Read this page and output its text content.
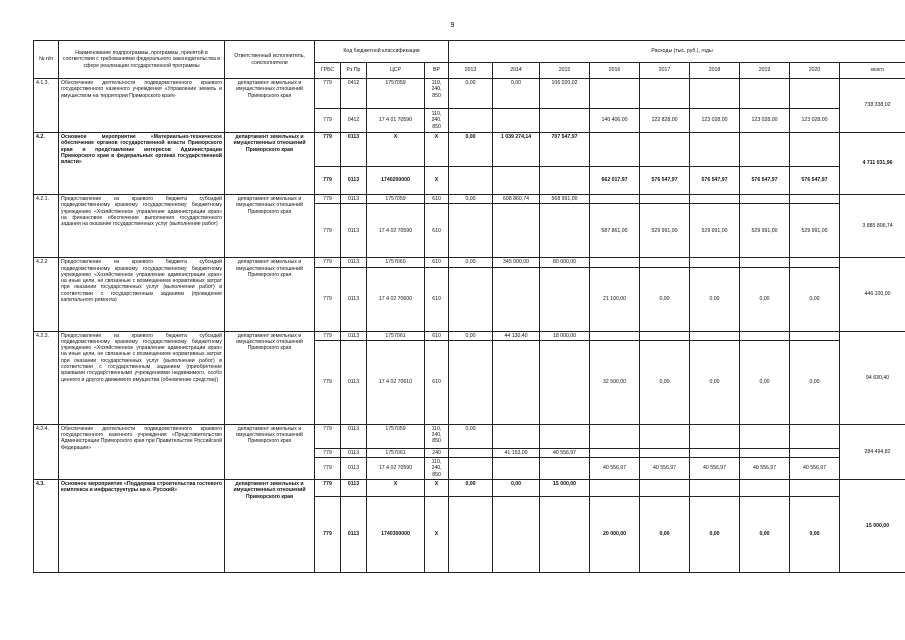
9
№ п/п	Наименование подпрограммы, программы, принятой в соответствии с требованиями федерального законодательства в сфере реализации государственной программы	Ответственный исполнитель, соисполнители	Код бюджетной классификации				Расходы (тыс. руб.), годы								
			ГРБС	Рз Пр	ЦСР	ВР	2013	2014	2015	2016	2017	2018	2019	2020	всего
4.1.3.	Обеспечение деятельности подведомственного краевого государственного казенного учреждения «Управление земель и имуществом на территории Приморского края»	департамент земельных и имущественных отношений Приморского края	779	0412	1757059	110, 240, 850	0,00	0,00	106 020,02						738 338,02
			779	0412	17 4 01 70590	110, 240, 850				140 406,00	122 828,00	123 028,00	123 028,00	123 028,00	
4.2.	Основное мероприятие «Материально-техническое обеспечение органов государственной власти Приморского края и представление интересов Администрации Приморского края в федеральных органах государственной власти»	департамент земельных и имущественных отношений Приморского края	779	0113	X	X	0,00	1 039 274,14	707 547,97						4 711 031,96
			779	0113	1740200000	X				662 017,97	576 547,97	576 547,97	576 547,97	576 547,97	
4.2.1.	Предоставление из краевого бюджета субсидий подведомственному краевому государственному бюджетному учреждению «Хозяйственное управление администрации края» на финансовое обеспечение выполнения государственного задания на оказание государственных услуг (выполнение работ)	департамент земельных и имущественных отношений Приморского края	779	0113	1757059	610	0,00	608 860,74	568 991,00						3 885 806,74
			779	0113	17 4 02 70590	610				587 861,00	529 991,00	529 991,00	529 991,00	529 991,00	
4.2.2	Предоставление из краевого бюджета субсидий подведомственному краевому государственному бюджетному учреждению «Хозяйственное управление администрации края» на иные цели, не связанные с возмещением нормативных затрат при оказании государственных услуг (выполнении работ) в соответствии с государственным заданием (проведение капитального ремонта)	департамент земельных и имущественных отношений Приморского края	779	0113	1757060	610	0,00	345 000,00	80 000,00						446 100,00
			779	0113	17 4 02 70600	610				21 100,00	0,00	0,00	0,00	0,00	
4.2.3.	Предоставление из краевого бюджета субсидий подведомственному краевому государственному бюджетному учреждению «Хозяйственное управление администрации края» на иные цели, не связанные с возмещением нормативных затрат при оказании государственных услуг (выполнении работ) в соответствии с государственным заданием (приобретение краевыми государственными учреждениями недвижимого, особо ценного и другого движимого имущества (обновление средства))	департамент земельных и имущественных отношений Приморского края	779	0113	1757061	610	0,00	44 130,40	18 000,00						94 630,40
			779	0113	17 4 02 70610	610				32 500,00	0,00	0,00	0,00	0,00	
4.2.4.	Обеспечение деятельности подведомственного краевого государственного казенного учреждения «Представительство Администрации Приморского края при Правительстве Российской Федерации»	департамент земельных и имущественных отношений Приморского края	779	0113	1757059	110, 240, 850	0,00								284 494,82
			779	0113	1757061	240		41 153,00	40 556,97						
			779	0113	17 4 02 70590	110, 240, 850				40 556,97	40 556,97	40 556,97	40 556,97	40 556,97	
4.3.	Основное мероприятие «Поддержка строительства гостевого комплекса и инфраструктуры на о. Русский»	департамент земельных и имущественных отношений Приморского края	779	0113	X	X	0,00	0,00	15 000,00						15 000,00
			779	0113	1740300000	X				20 000,00	0,00	0,00	0,00	0,00	
